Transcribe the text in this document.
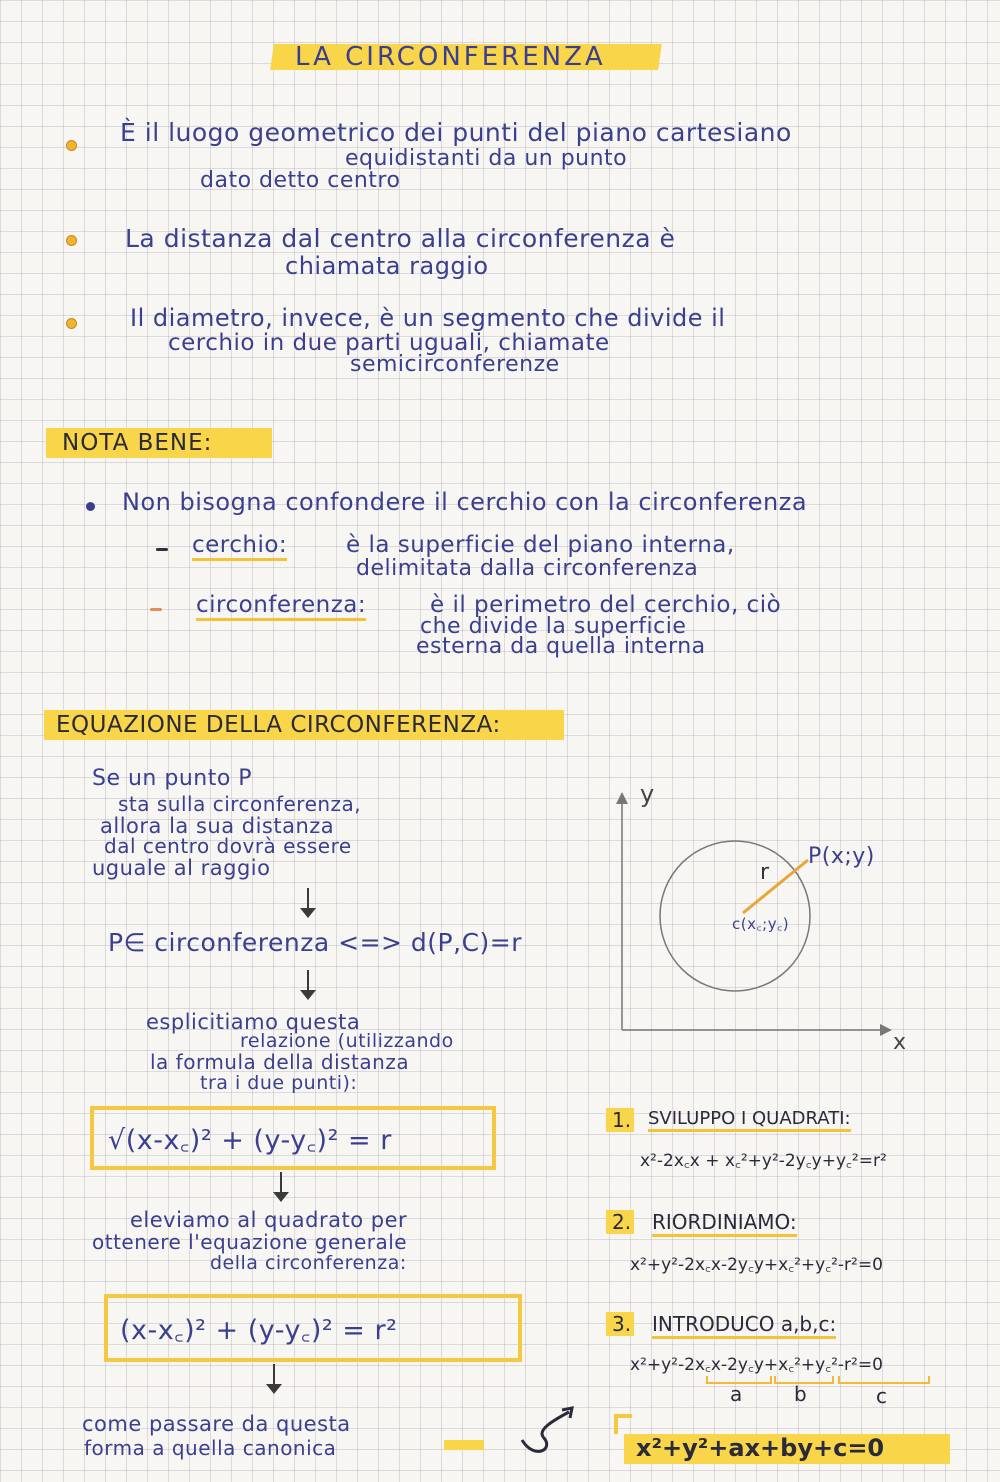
LA CIRCONFERENZA
È il luogo geometrico dei punti del piano cartesiano
equidistanti da un punto
dato detto centro
La distanza dal centro alla circonferenza è
chiamata raggio
Il diametro, invece, è un segmento che divide il
cerchio in due parti uguali, chiamate
semicirconferenze
NOTA BENE:
Non bisogna confondere il cerchio con la circonferenza
cerchio:	è la superficie del piano interna,
delimitata dalla circonferenza
circonferenza:	è il perimetro del cerchio, ciò
che divide la superficie
esterna da quella interna
EQUAZIONE DELLA CIRCONFERENZA:
Se un punto P
sta sulla circonferenza,
allora la sua distanza
dal centro dovrà essere
uguale al raggio
P∈ circonferenza <=> d(P,C)=r
esplicitiamo questa
relazione (utilizzando
la formula della distanza
tra i due punti):
√(x-x꜀)² + (y-y꜀)² = r
eleviamo al quadrato per
ottenere l'equazione generale
della circonferenza:
(x-x꜀)² + (y-y꜀)² = r²
come passare da questa
forma a quella canonica
y
x
r
P(x;y)
c(x꜀;y꜀)
1. SVILUPPO I QUADRATI:
x²-2x꜀x + x꜀²+y²-2y꜀y+y꜀²=r²
2. RIORDINIAMO:
x²+y²-2x꜀x-2y꜀y+x꜀²+y꜀²-r²=0
3. INTRODUCO a,b,c:
x²+y²-2x꜀x-2y꜀y+x꜀²+y꜀²-r²=0
a	b	c
x²+y²+ax+by+c=0
